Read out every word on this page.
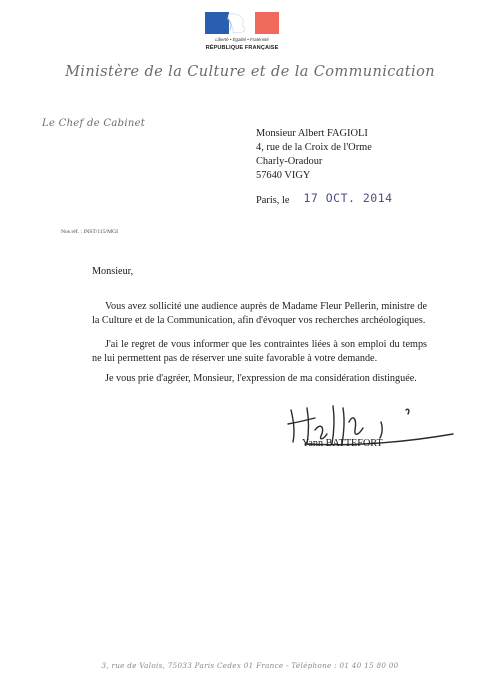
Liberté • Égalité • Fraternité
RÉPUBLIQUE FRANÇAISE
Ministère de la Culture et de la Communication
Le Chef de Cabinet
Monsieur Albert FAGIOLI
4, rue de la Croix de l'Orme
Charly-Oradour
57640 VIGY
Paris, le 17 OCT. 2014
Nos réf. : INST/115/MGI
Monsieur,
Vous avez sollicité une audience auprès de Madame Fleur Pellerin, ministre de la Culture et de la Communication, afin d'évoquer vos recherches archéologiques.
J'ai le regret de vous informer que les contraintes liées à son emploi du temps ne lui permettent pas de réserver une suite favorable à votre demande.
Je vous prie d'agréer, Monsieur, l'expression de ma considération distinguée.
Yann BATTEFORT
3, rue de Valois, 75033 Paris Cedex 01 France - Téléphone : 01 40 15 80 00
